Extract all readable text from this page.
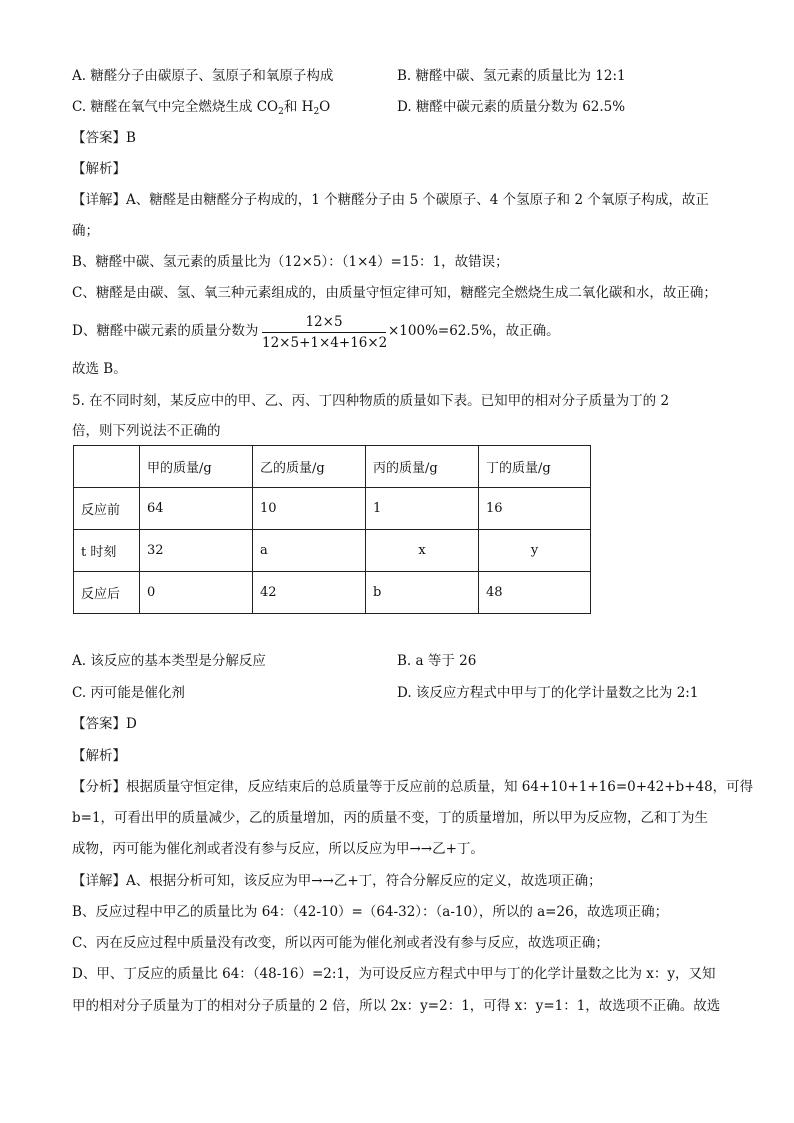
A. 糖醛分子由碳原子、氢原子和氧原子构成	B. 糖醛中碳、氢元素的质量比为 12:1
C. 糖醛在氧气中完全燃烧生成 $CO_2$和 $H_2O$	D. 糖醛中碳元素的质量分数为 62.5%
【答案】B
【解析】
【详解】A、糖醛是由糖醛分子构成的，1 个糖醛分子由 5 个碳原子、4 个氢原子和 2 个氧原子构成，故正
确；
B、糖醛中碳、氢元素的质量比为（12×5）：（1×4）=15：1，故错误；
C、糖醛是由碳、氢、氧三种元素组成的，由质量守恒定律可知，糖醛完全燃烧生成二氧化碳和水，故正确；
D、糖醛中碳元素的质量分数为
12×5
12×5+1×4+16×2
×100%=62.5%，故正确。
故选 B。
5. 在不同时刻，某反应中的甲、乙、丙、丁四种物质的质量如下表。已知甲的相对分子质量为丁的 2
倍，则下列说法不正确的
	甲的质量/g	乙的质量/g	丙的质量/g	丁的质量/g
反应前	64	10	1	16
t 时刻	32	a	x	y
反应后	0	42	b	48
A. 该反应的基本类型是分解反应	B. a 等于 26
C. 丙可能是催化剂	D. 该反应方程式中甲与丁的化学计量数之比为 2:1
【答案】D
【解析】
【分析】根据质量守恒定律，反应结束后的总质量等于反应前的总质量，知 64+10+1+16=0+42+b+48，可得
b=1，可看出甲的质量减少，乙的质量增加，丙的质量不变，丁的质量增加，所以甲为反应物，乙和丁为生
成物，丙可能为催化剂或者没有参与反应，所以反应为甲→→乙+丁。
【详解】A、根据分析可知，该反应为甲→→乙+丁，符合分解反应的定义，故选项正确；
B、反应过程中甲乙的质量比为 64：（42-10）=（64-32）：（a-10），所以的 a=26，故选项正确；
C、丙在反应过程中质量没有改变，所以丙可能为催化剂或者没有参与反应，故选项正确；
D、甲、丁反应的质量比 64：（48-16）=2:1，为可设反应方程式中甲与丁的化学计量数之比为 x：y，又知
甲的相对分子质量为丁的相对分子质量的 2 倍，所以 2x：y=2：1，可得 x：y=1：1，故选项不正确。故选
